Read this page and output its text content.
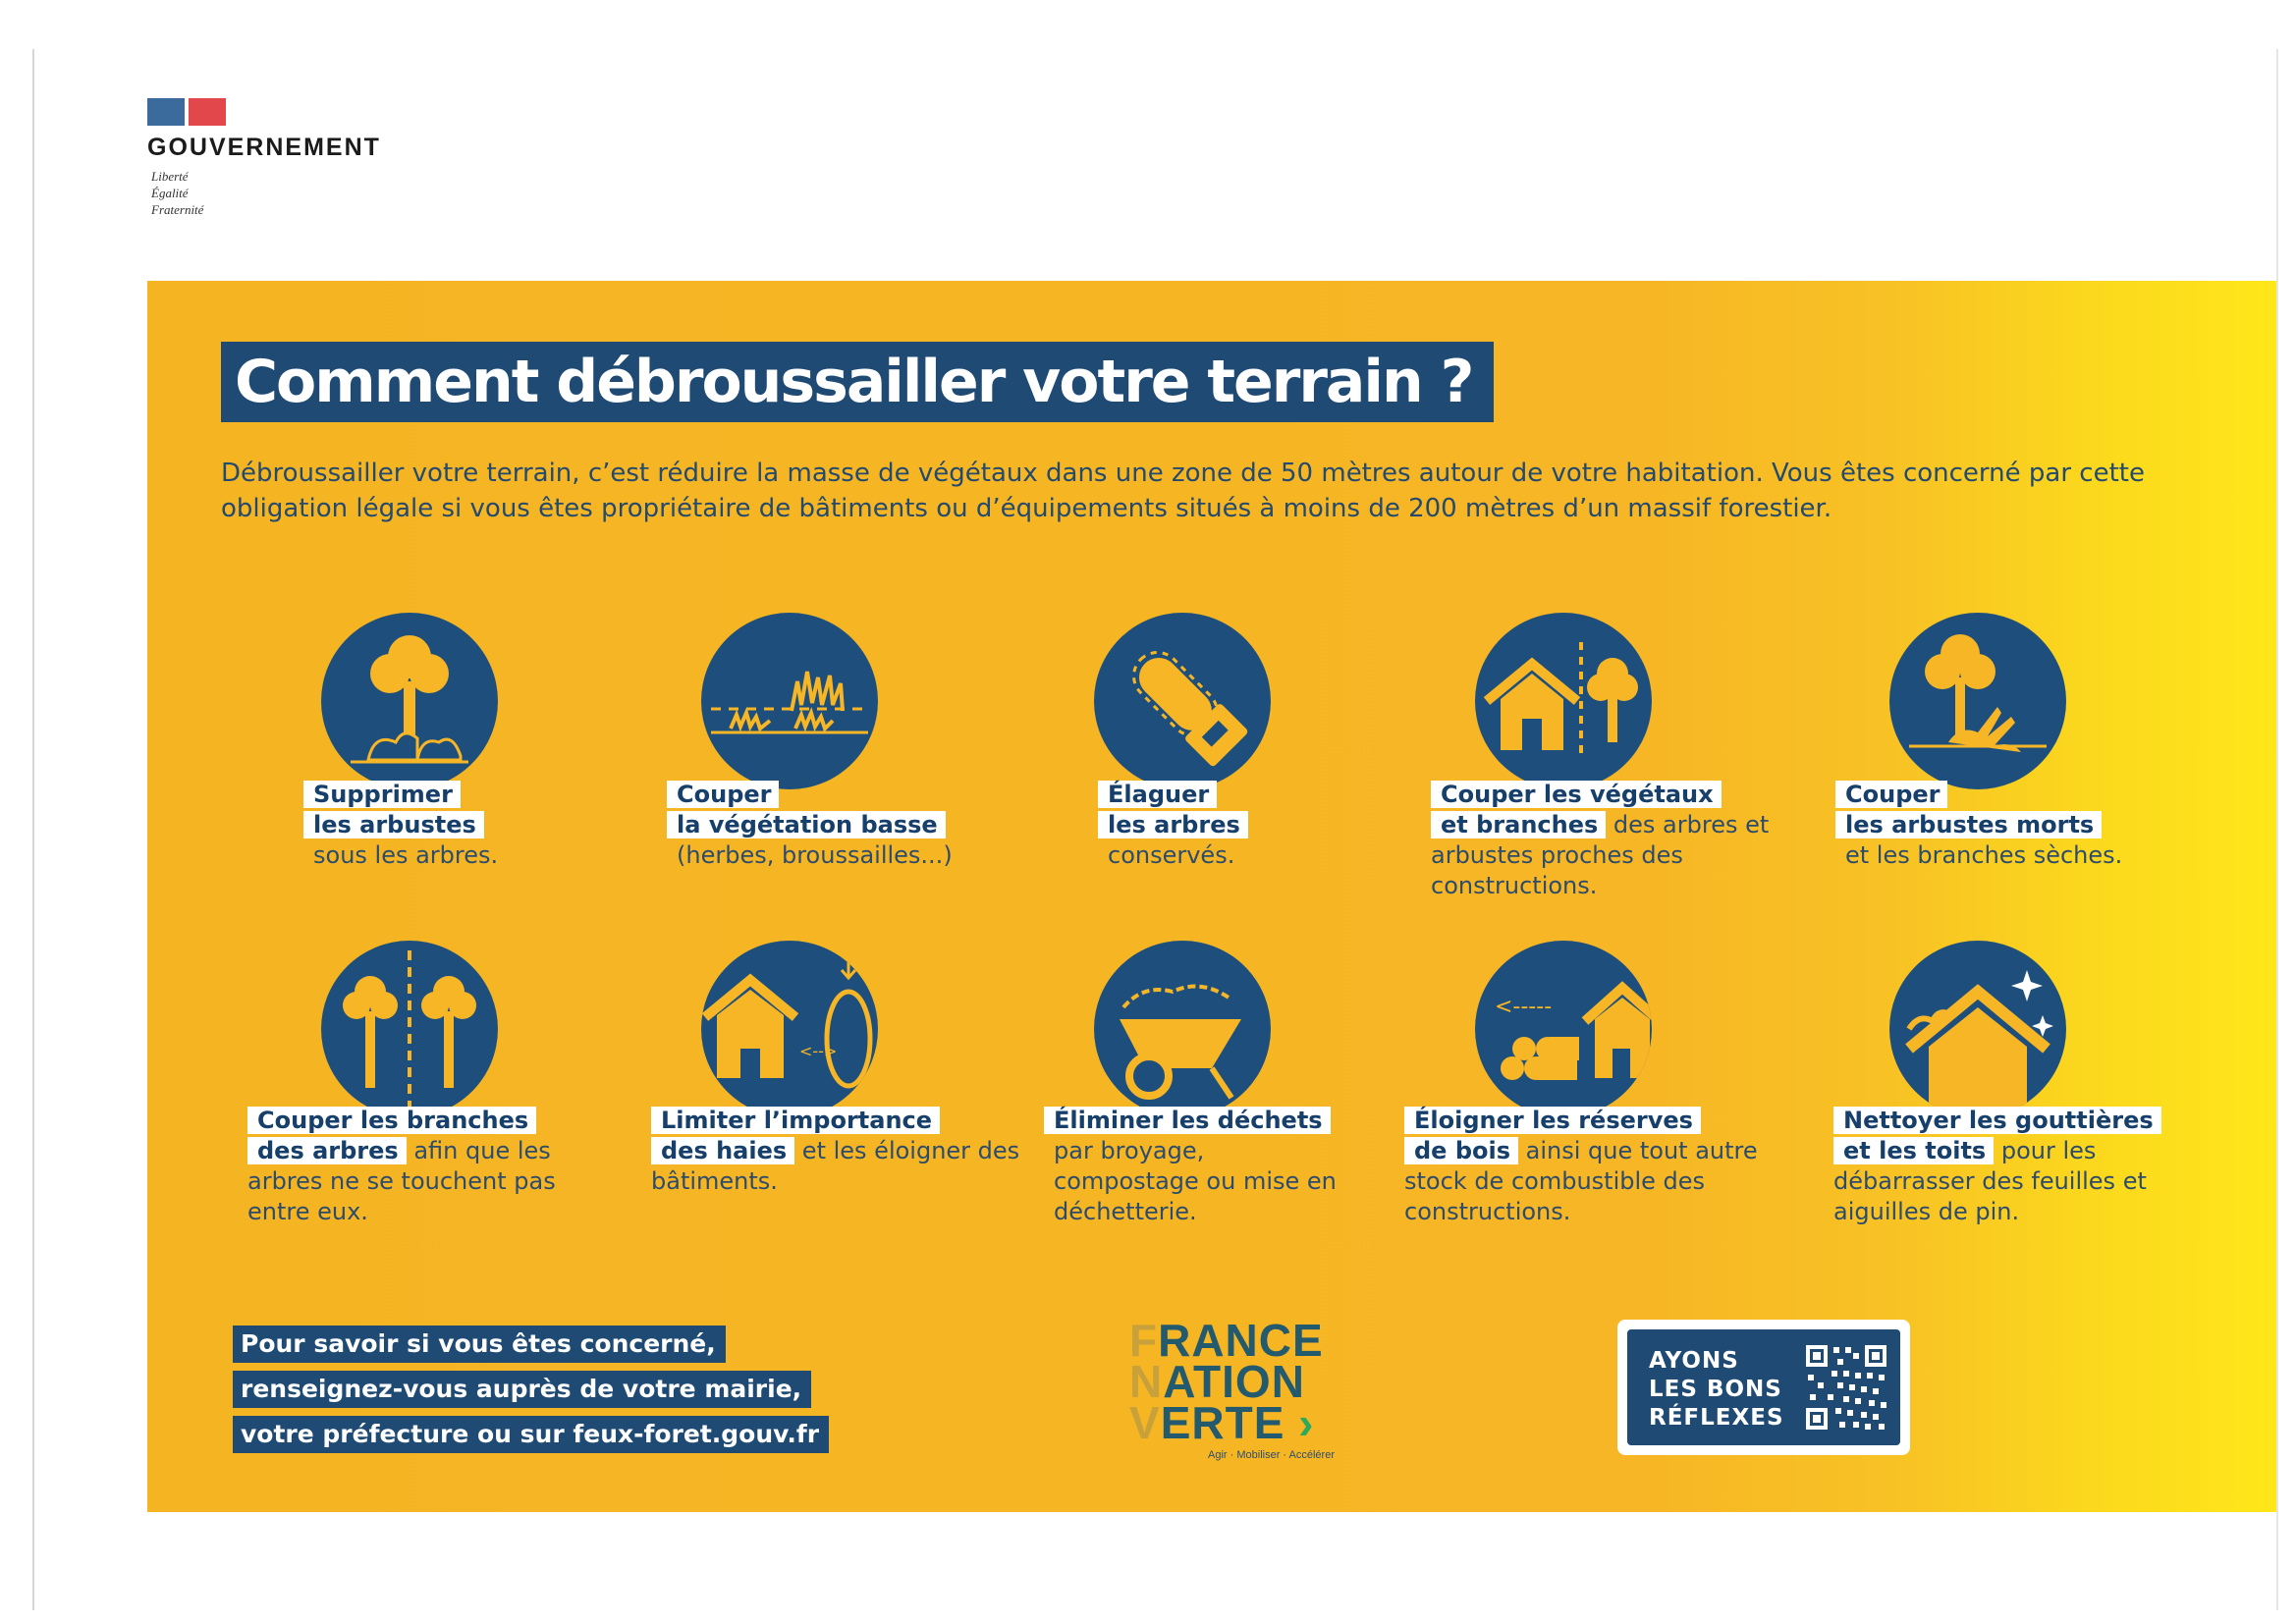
GOUVERNEMENT
Liberté
Égalité
Fraternité
Comment débroussailler votre terrain ?
Débroussailler votre terrain, c’est réduire la masse de végétaux dans une zone de 50 mètres autour de votre habitation. Vous êtes concerné par cette obligation légale si vous êtes propriétaire de bâtiments ou d’équipements situés à moins de 200 mètres d’un massif forestier.
Supprimer
les arbustes
sous les arbres.
Couper
la végétation basse
(herbes, broussailles...)
Élaguer
les arbres
conservés.
Couper les végétaux
et branches des arbres et arbustes proches des constructions.
Couper
les arbustes morts
et les branches sèches.
Couper les branches
des arbres afin que les arbres ne se touchent pas entre eux.
<-->
Limiter l’importance
des haies et les éloigner des bâtiments.
Éliminer les déchets
par broyage, compostage ou mise en déchetterie.
<-----
Éloigner les réserves
de bois ainsi que tout autre stock de combustible des constructions.
Nettoyer les gouttières
et les toits pour les débarrasser des feuilles et aiguilles de pin.
Pour savoir si vous êtes concerné,
renseignez-vous auprès de votre mairie,
votre préfecture ou sur feux-foret.gouv.fr
FRANCE
NATION
VERTE ›
Agir · Mobiliser · Accélérer
AYONS
LES BONS
RÉFLEXES
